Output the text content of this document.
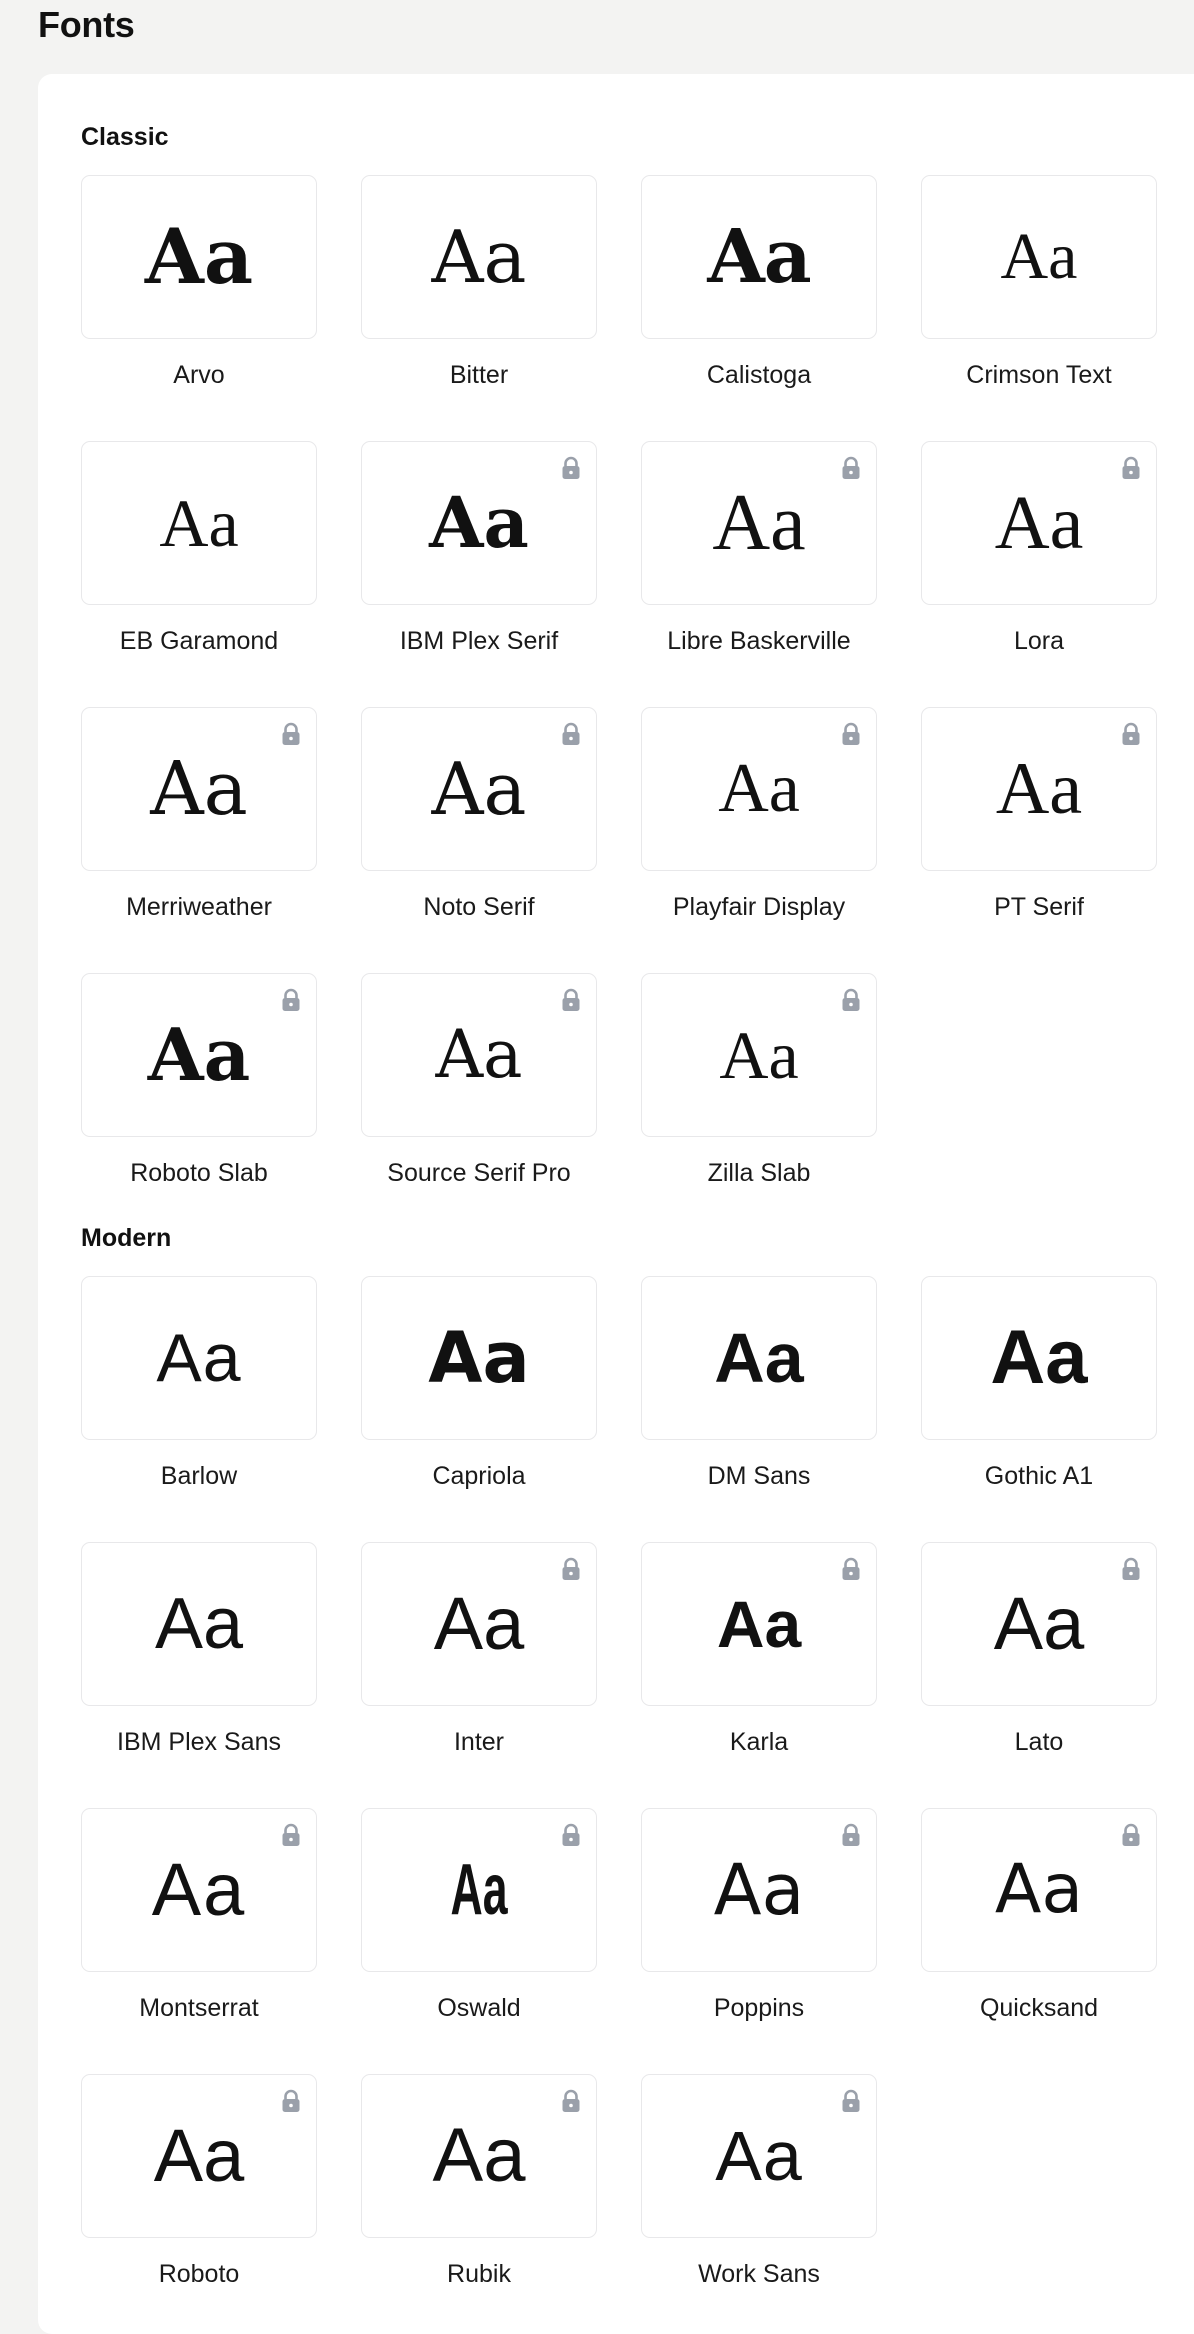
Fonts
Classic
Aa
Arvo
Aa
Bitter
Aa
Calistoga
Aa
Crimson Text
Aa
EB Garamond
Aa
IBM Plex Serif
Aa
Libre Baskerville
Aa
Lora
Aa
Merriweather
Aa
Noto Serif
Aa
Playfair Display
Aa
PT Serif
Aa
Roboto Slab
Aa
Source Serif Pro
Aa
Zilla Slab
Modern
Aa
Barlow
Aa
Capriola
Aa
DM Sans
Aa
Gothic A1
Aa
IBM Plex Sans
Aa
Inter
Aa
Karla
Aa
Lato
Aa
Montserrat
Aa
Oswald
Aa
Poppins
Aa
Quicksand
Aa
Roboto
Aa
Rubik
Aa
Work Sans
